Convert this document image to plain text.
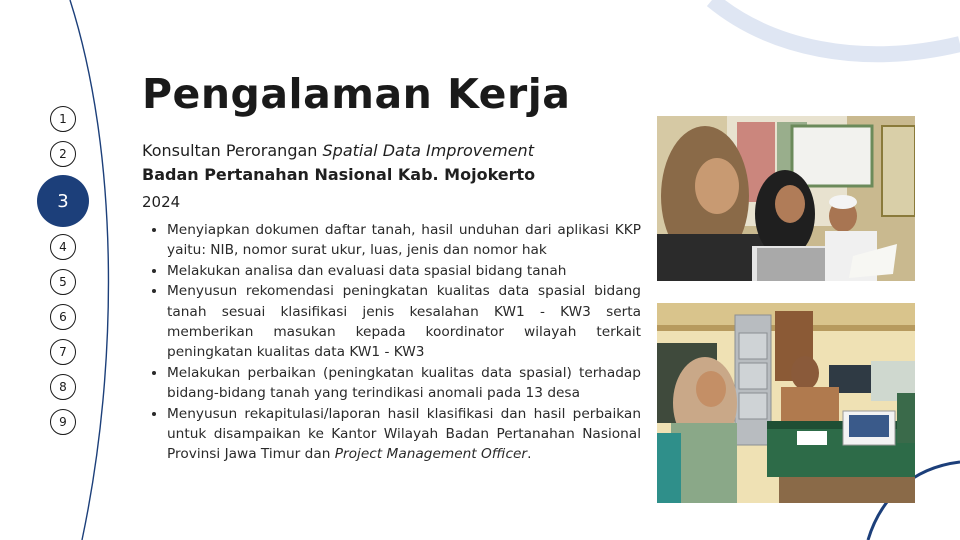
1
2
3
4
5
6
7
8
9
Pengalaman Kerja
Konsultan Perorangan Spatial Data Improvement
Badan Pertanahan Nasional Kab. Mojokerto
2024
• Menyiapkan dokumen daftar tanah, hasil unduhan dari aplikasi KKP yaitu: NIB, nomor surat ukur, luas, jenis dan nomor hak
• Melakukan analisa dan evaluasi data spasial bidang tanah
• Menyusun rekomendasi peningkatan kualitas data spasial bidang tanah sesuai klasifikasi jenis kesalahan KW1 - KW3 serta memberikan masukan kepada koordinator wilayah terkait peningkatan kualitas data KW1 - KW3
• Melakukan perbaikan (peningkatan kualitas data spasial) terhadap bidang-bidang tanah yang terindikasi anomali pada 13 desa
• Menyusun rekapitulasi/laporan hasil klasifikasi dan hasil perbaikan untuk disampaikan ke Kantor Wilayah Badan Pertanahan Nasional Provinsi Jawa Timur dan Project Management Officer.
